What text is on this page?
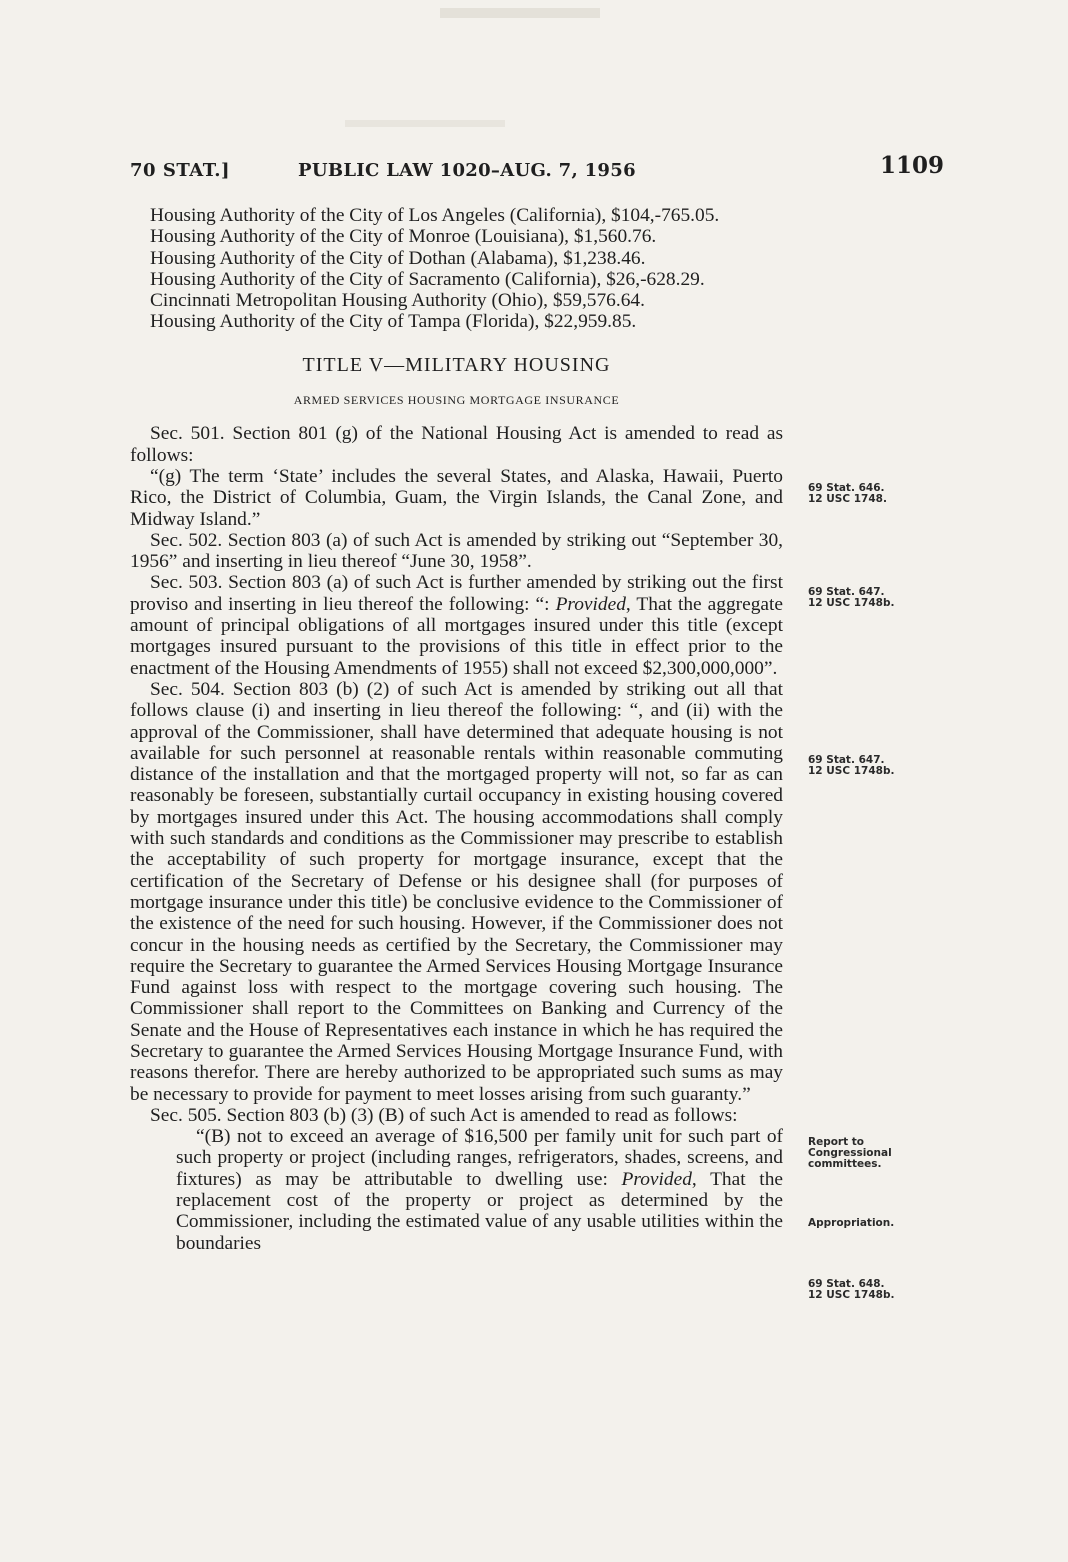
70 STAT.]	PUBLIC LAW 1020–AUG. 7, 1956	1109

Housing Authority of the City of Los Angeles (California), $104,-765.05.

Housing Authority of the City of Monroe (Louisiana), $1,560.76.

Housing Authority of the City of Dothan (Alabama), $1,238.46.

Housing Authority of the City of Sacramento (California), $26,-628.29.

Cincinnati Metropolitan Housing Authority (Ohio), $59,576.64.

Housing Authority of the City of Tampa (Florida), $22,959.85.

TITLE V—MILITARY HOUSING

ARMED SERVICES HOUSING MORTGAGE INSURANCE

Sec. 501. Section 801 (g) of the National Housing Act is amended to read as follows:

“(g) The term ‘State’ includes the several States, and Alaska, Hawaii, Puerto Rico, the District of Columbia, Guam, the Virgin Islands, the Canal Zone, and Midway Island.”

Sec. 502. Section 803 (a) of such Act is amended by striking out “September 30, 1956” and inserting in lieu thereof “June 30, 1958”.

Sec. 503. Section 803 (a) of such Act is further amended by striking out the first proviso and inserting in lieu thereof the following: “: Provided, That the aggregate amount of principal obligations of all mortgages insured under this title (except mortgages insured pursuant to the provisions of this title in effect prior to the enactment of the Housing Amendments of 1955) shall not exceed $2,300,000,000”.

Sec. 504. Section 803 (b) (2) of such Act is amended by striking out all that follows clause (i) and inserting in lieu thereof the following: “, and (ii) with the approval of the Commissioner, shall have determined that adequate housing is not available for such personnel at reasonable rentals within reasonable commuting distance of the installation and that the mortgaged property will not, so far as can reasonably be foreseen, substantially curtail occupancy in existing housing covered by mortgages insured under this Act. The housing accommodations shall comply with such standards and conditions as the Commissioner may prescribe to establish the acceptability of such property for mortgage insurance, except that the certification of the Secretary of Defense or his designee shall (for purposes of mortgage insurance under this title) be conclusive evidence to the Commissioner of the existence of the need for such housing. However, if the Commissioner does not concur in the housing needs as certified by the Secretary, the Commissioner may require the Secretary to guarantee the Armed Services Housing Mortgage Insurance Fund against loss with respect to the mortgage covering such housing. The Commissioner shall report to the Committees on Banking and Currency of the Senate and the House of Representatives each instance in which he has required the Secretary to guarantee the Armed Services Housing Mortgage Insurance Fund, with reasons therefor. There are hereby authorized to be appropriated such sums as may be necessary to provide for payment to meet losses arising from such guaranty.”

Sec. 505. Section 803 (b) (3) (B) of such Act is amended to read as follows:

“(B) not to exceed an average of $16,500 per family unit for such part of such property or project (including ranges, refrigerators, shades, screens, and fixtures) as may be attributable to dwelling use: Provided, That the replacement cost of the property or project as determined by the Commissioner, including the estimated value of any usable utilities within the boundaries

69 Stat. 646.
12 USC 1748.
69 Stat. 647.
12 USC 1748b.
69 Stat. 647.
12 USC 1748b.
Report to Congressional committees.
Appropriation.
69 Stat. 648.
12 USC 1748b.
